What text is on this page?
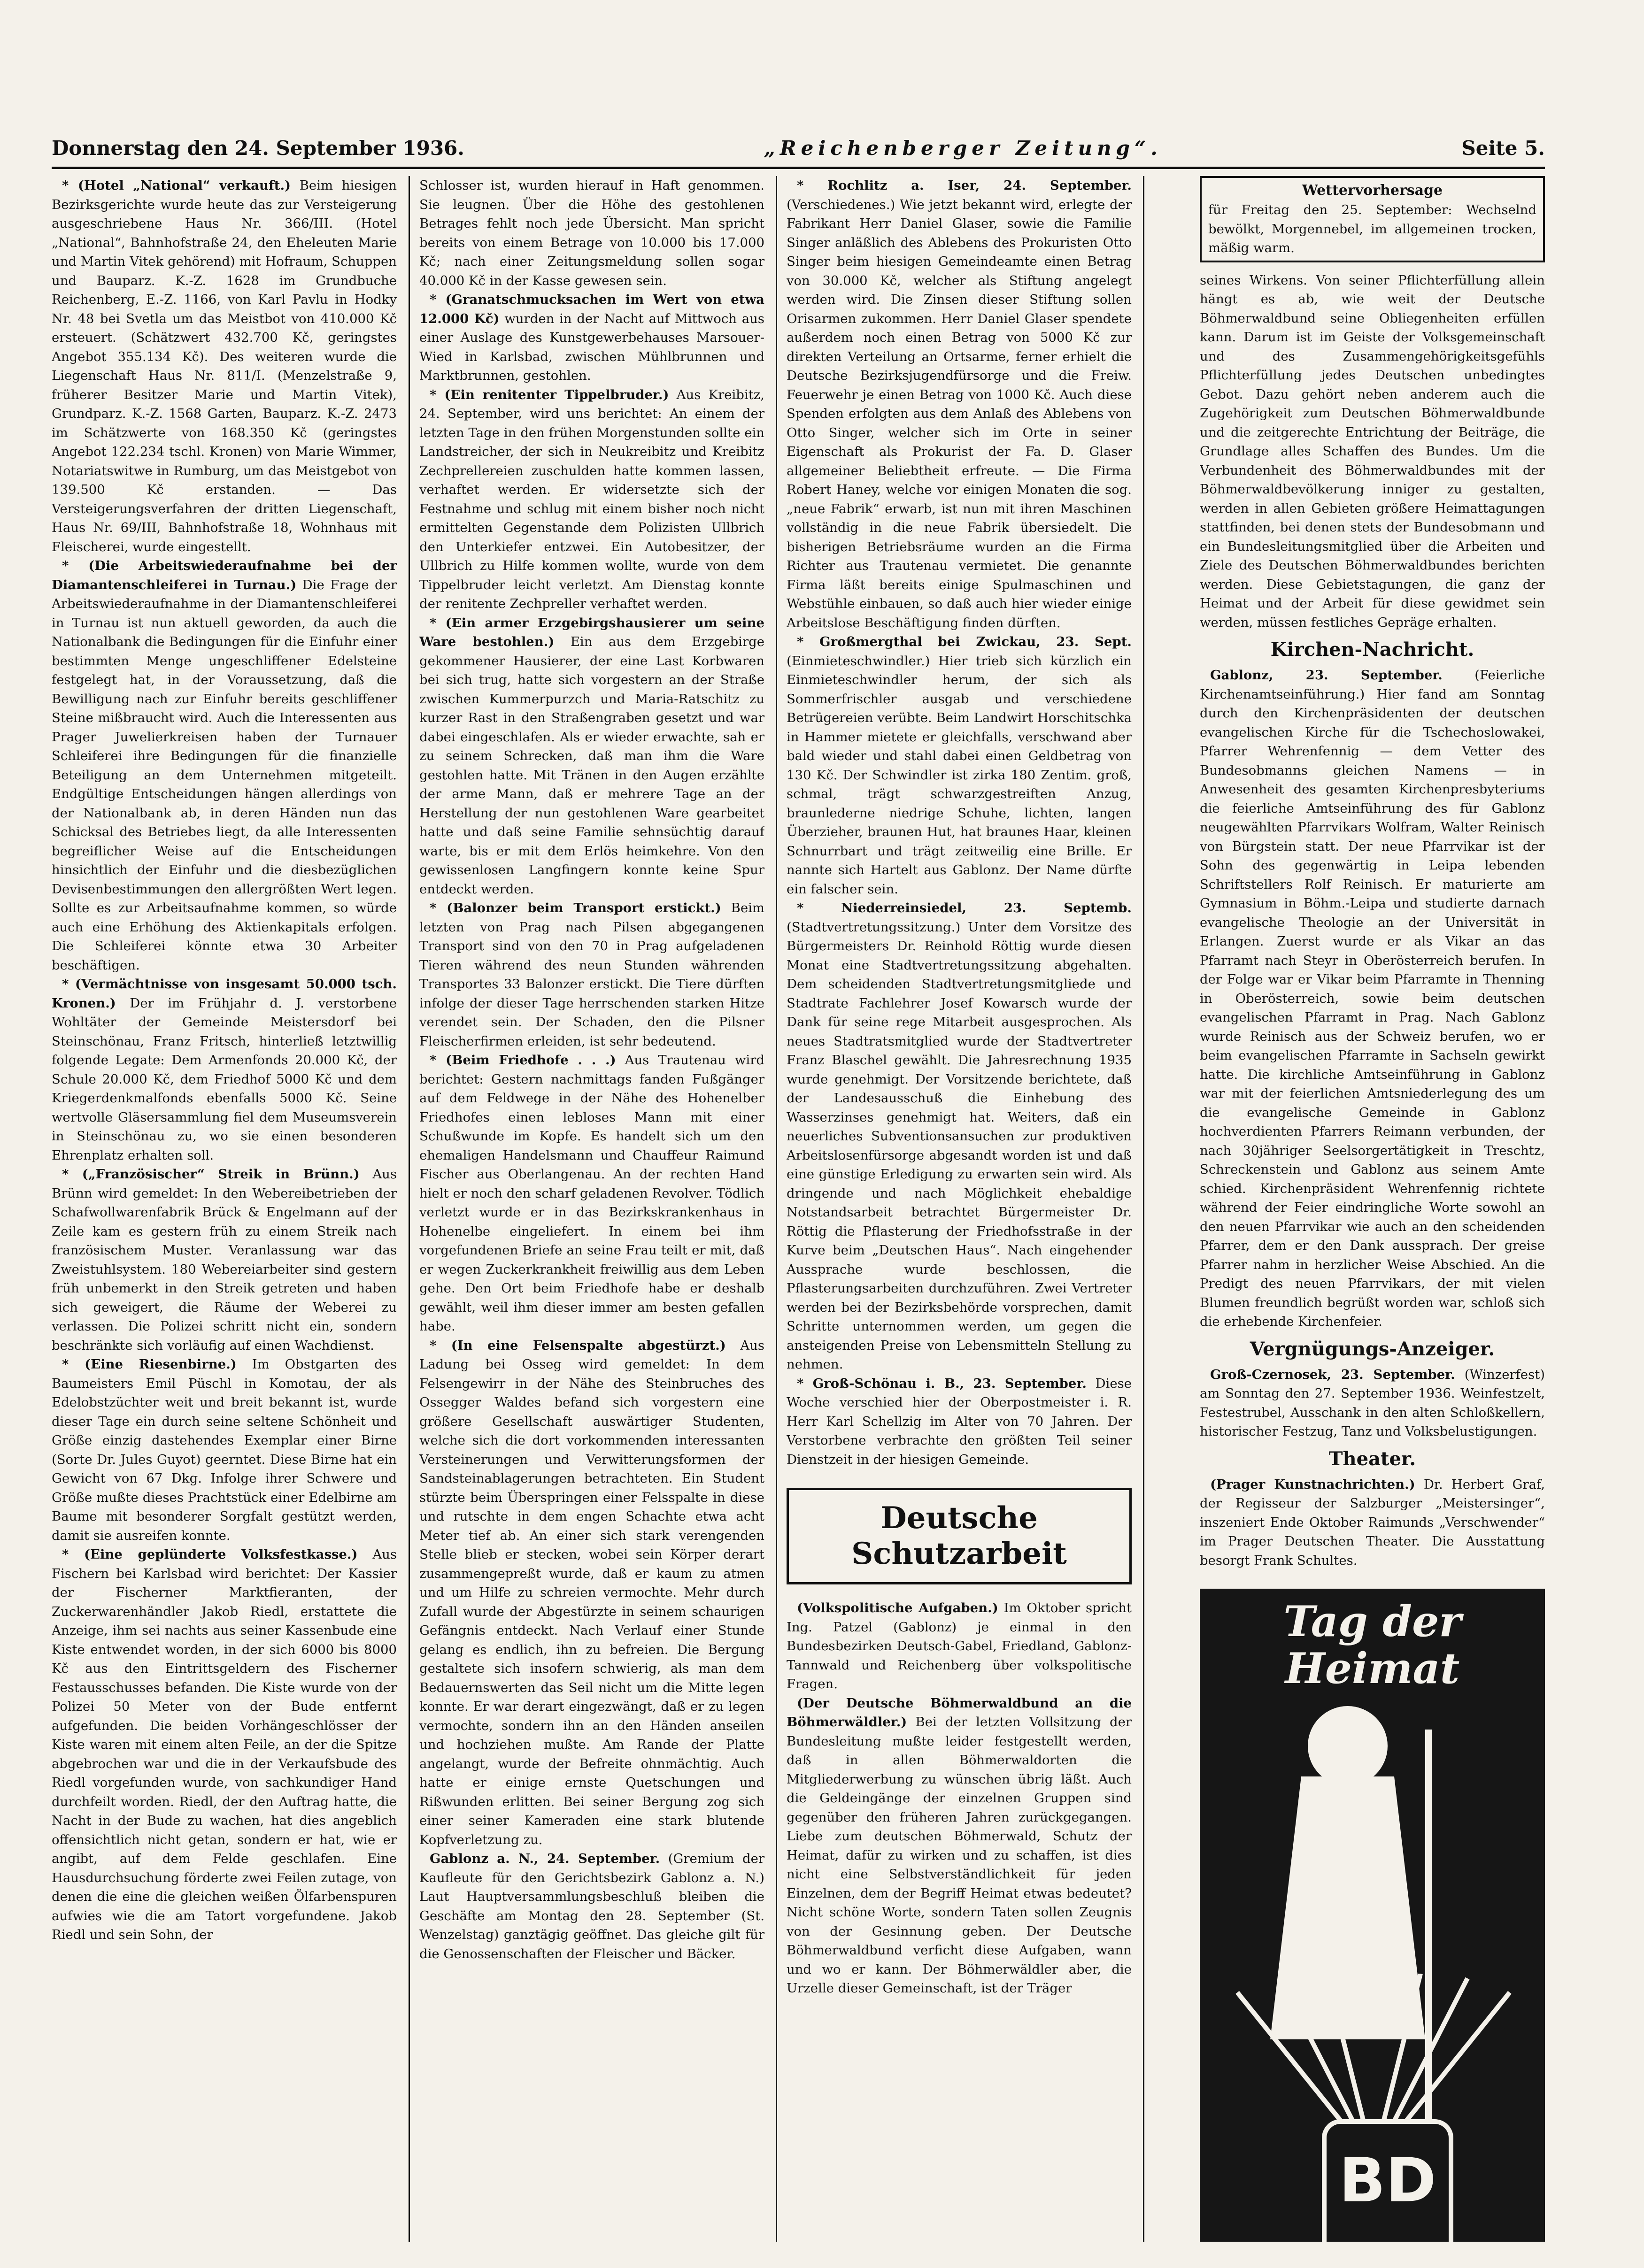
Donnerstag den 24. September 1936.	„Reichenberger Zeitung“.	Seite 5.

* (Hotel „National“ verkauft.) Beim hiesigen Bezirksgerichte wurde heute das zur Versteigerung ausgeschriebene Haus Nr. 366/III. (Hotel „National“, Bahnhofstraße 24, den Eheleuten Marie und Martin Vitek gehörend) mit Hofraum, Schuppen und Bauparz. K.-Z. 1628 im Grundbuche Reichenberg, E.-Z. 1166, von Karl Pavlu in Hodky Nr. 48 bei Svetla um das Meistbot von 410.000 Kč ersteuert. (Schätzwert 432.700 Kč, geringstes Angebot 355.134 Kč). Des weiteren wurde die Liegenschaft Haus Nr. 811/I. (Menzelstraße 9, früherer Besitzer Marie und Martin Vitek), Grundparz. K.-Z. 1568 Garten, Bauparz. K.-Z. 2473 im Schätzwerte von 168.350 Kč (geringstes Angebot 122.234 tschl. Kronen) von Marie Wimmer, Notariatswitwe in Rumburg, um das Meistgebot von 139.500 Kč erstanden. — Das Versteigerungsverfahren der dritten Liegenschaft, Haus Nr. 69/III, Bahnhofstraße 18, Wohnhaus mit Fleischerei, wurde eingestellt.

* (Die Arbeitswiederaufnahme bei der Diamantenschleiferei in Turnau.) Die Frage der Arbeitswiederaufnahme in der Diamantenschleiferei in Turnau ist nun aktuell geworden, da auch die Nationalbank die Bedingungen für die Einfuhr einer bestimmten Menge ungeschliffener Edelsteine festgelegt hat, in der Voraussetzung, daß die Bewilligung nach zur Einfuhr bereits geschliffener Steine mißbraucht wird. Auch die Interessenten aus Prager Juwelierkreisen haben der Turnauer Schleiferei ihre Bedingungen für die finanzielle Beteiligung an dem Unternehmen mitgeteilt. Endgültige Entscheidungen hängen allerdings von der Nationalbank ab, in deren Händen nun das Schicksal des Betriebes liegt, da alle Interessenten begreiflicher Weise auf die Entscheidungen hinsichtlich der Einfuhr und die diesbezüglichen Devisenbestimmungen den allergrößten Wert legen. Sollte es zur Arbeitsaufnahme kommen, so würde auch eine Erhöhung des Aktienkapitals erfolgen. Die Schleiferei könnte etwa 30 Arbeiter beschäftigen.

* (Vermächtnisse von insgesamt 50.000 tsch. Kronen.) Der im Frühjahr d. J. verstorbene Wohltäter der Gemeinde Meistersdorf bei Steinschönau, Franz Fritsch, hinterließ letztwillig folgende Legate: Dem Armenfonds 20.000 Kč, der Schule 20.000 Kč, dem Friedhof 5000 Kč und dem Kriegerdenkmalfonds ebenfalls 5000 Kč. Seine wertvolle Gläsersammlung fiel dem Museumsverein in Steinschönau zu, wo sie einen besonderen Ehrenplatz erhalten soll.

* („Französischer“ Streik in Brünn.) Aus Brünn wird gemeldet: In den Webereibetrieben der Schafwollwarenfabrik Brück & Engelmann auf der Zeile kam es gestern früh zu einem Streik nach französischem Muster. Veranlassung war das Zweistuhlsystem. 180 Webereiarbeiter sind gestern früh unbemerkt in den Streik getreten und haben sich geweigert, die Räume der Weberei zu verlassen. Die Polizei schritt nicht ein, sondern beschränkte sich vorläufig auf einen Wachdienst.

* (Eine Riesenbirne.) Im Obstgarten des Baumeisters Emil Püschl in Komotau, der als Edelobstzüchter weit und breit bekannt ist, wurde dieser Tage ein durch seine seltene Schönheit und Größe einzig dastehendes Exemplar einer Birne (Sorte Dr. Jules Guyot) geerntet. Diese Birne hat ein Gewicht von 67 Dkg. Infolge ihrer Schwere und Größe mußte dieses Prachtstück einer Edelbirne am Baume mit besonderer Sorgfalt gestützt werden, damit sie ausreifen konnte.

* (Eine geplünderte Volksfestkasse.) Aus Fischern bei Karlsbad wird berichtet: Der Kassier der Fischerner Marktfieranten, der Zuckerwarenhändler Jakob Riedl, erstattete die Anzeige, ihm sei nachts aus seiner Kassenbude eine Kiste entwendet worden, in der sich 6000 bis 8000 Kč aus den Eintrittsgeldern des Fischerner Festausschusses befanden. Die Kiste wurde von der Polizei 50 Meter von der Bude entfernt aufgefunden. Die beiden Vorhängeschlösser der Kiste waren mit einem alten Feile, an der die Spitze abgebrochen war und die in der Verkaufsbude des Riedl vorgefunden wurde, von sachkundiger Hand durchfeilt worden. Riedl, der den Auftrag hatte, die Nacht in der Bude zu wachen, hat dies angeblich offensichtlich nicht getan, sondern er hat, wie er angibt, auf dem Felde geschlafen. Eine Hausdurchsuchung förderte zwei Feilen zutage, von denen die eine die gleichen weißen Ölfarbenspuren aufwies wie die am Tatort vorgefundene. Jakob Riedl und sein Sohn, der

Schlosser ist, wurden hierauf in Haft genommen. Sie leugnen. Über die Höhe des gestohlenen Betrages fehlt noch jede Übersicht. Man spricht bereits von einem Betrage von 10.000 bis 17.000 Kč; nach einer Zeitungsmeldung sollen sogar 40.000 Kč in der Kasse gewesen sein.

* (Granatschmucksachen im Wert von etwa 12.000 Kč) wurden in der Nacht auf Mittwoch aus einer Auslage des Kunstgewerbehauses Marsouer-Wied in Karlsbad, zwischen Mühlbrunnen und Marktbrunnen, gestohlen.

* (Ein renitenter Tippelbruder.) Aus Kreibitz, 24. September, wird uns berichtet: An einem der letzten Tage in den frühen Morgenstunden sollte ein Landstreicher, der sich in Neukreibitz und Kreibitz Zechprellereien zuschulden hatte kommen lassen, verhaftet werden. Er widersetzte sich der Festnahme und schlug mit einem bisher noch nicht ermittelten Gegenstande dem Polizisten Ullbrich den Unterkiefer entzwei. Ein Autobesitzer, der Ullbrich zu Hilfe kommen wollte, wurde von dem Tippelbruder leicht verletzt. Am Dienstag konnte der renitente Zechpreller verhaftet werden.

* (Ein armer Erzgebirgshausierer um seine Ware bestohlen.) Ein aus dem Erzgebirge gekommener Hausierer, der eine Last Korbwaren bei sich trug, hatte sich vorgestern an der Straße zwischen Kummerpurzch und Maria-Ratschitz zu kurzer Rast in den Straßengraben gesetzt und war dabei eingeschlafen. Als er wieder erwachte, sah er zu seinem Schrecken, daß man ihm die Ware gestohlen hatte. Mit Tränen in den Augen erzählte der arme Mann, daß er mehrere Tage an der Herstellung der nun gestohlenen Ware gearbeitet hatte und daß seine Familie sehnsüchtig darauf warte, bis er mit dem Erlös heimkehre. Von den gewissenlosen Langfingern konnte keine Spur entdeckt werden.

* (Balonzer beim Transport erstickt.) Beim letzten von Prag nach Pilsen abgegangenen Transport sind von den 70 in Prag aufgeladenen Tieren während des neun Stunden währenden Transportes 33 Balonzer erstickt. Die Tiere dürften infolge der dieser Tage herrschenden starken Hitze verendet sein. Der Schaden, den die Pilsner Fleischerfirmen erleiden, ist sehr bedeutend.

* (Beim Friedhofe . . .) Aus Trautenau wird berichtet: Gestern nachmittags fanden Fußgänger auf dem Feldwege in der Nähe des Hohenelber Friedhofes einen lebloses Mann mit einer Schußwunde im Kopfe. Es handelt sich um den ehemaligen Handelsmann und Chauffeur Raimund Fischer aus Oberlangenau. An der rechten Hand hielt er noch den scharf geladenen Revolver. Tödlich verletzt wurde er in das Bezirkskrankenhaus in Hohenelbe eingeliefert. In einem bei ihm vorgefundenen Briefe an seine Frau teilt er mit, daß er wegen Zuckerkrankheit freiwillig aus dem Leben gehe. Den Ort beim Friedhofe habe er deshalb gewählt, weil ihm dieser immer am besten gefallen habe.

* (In eine Felsenspalte abgestürzt.) Aus Ladung bei Osseg wird gemeldet: In dem Felsengewirr in der Nähe des Steinbruches des Ossegger Waldes befand sich vorgestern eine größere Gesellschaft auswärtiger Studenten, welche sich die dort vorkommenden interessanten Versteinerungen und Verwitterungsformen der Sandsteinablagerungen betrachteten. Ein Student stürzte beim Überspringen einer Felsspalte in diese und rutschte in dem engen Schachte etwa acht Meter tief ab. An einer sich stark verengenden Stelle blieb er stecken, wobei sein Körper derart zusammengepreßt wurde, daß er kaum zu atmen und um Hilfe zu schreien vermochte. Mehr durch Zufall wurde der Abgestürzte in seinem schaurigen Gefängnis entdeckt. Nach Verlauf einer Stunde gelang es endlich, ihn zu befreien. Die Bergung gestaltete sich insofern schwierig, als man dem Bedauernswerten das Seil nicht um die Mitte legen konnte. Er war derart eingezwängt, daß er zu legen vermochte, sondern ihn an den Händen anseilen und hochziehen mußte. Am Rande der Platte angelangt, wurde der Befreite ohnmächtig. Auch hatte er einige ernste Quetschungen und Rißwunden erlitten. Bei seiner Bergung zog sich einer seiner Kameraden eine stark blutende Kopfverletzung zu.

Gablonz a. N., 24. September. (Gremium der Kaufleute für den Gerichtsbezirk Gablonz a. N.) Laut Hauptversammlungsbeschluß bleiben die Geschäfte am Montag den 28. September (St. Wenzelstag) ganztägig geöffnet. Das gleiche gilt für die Genossenschaften der Fleischer und Bäcker.

* Rochlitz a. Iser, 24. September. (Verschiedenes.) Wie jetzt bekannt wird, erlegte der Fabrikant Herr Daniel Glaser, sowie die Familie Singer anläßlich des Ablebens des Prokuristen Otto Singer beim hiesigen Gemeindeamte einen Betrag von 30.000 Kč, welcher als Stiftung angelegt werden wird. Die Zinsen dieser Stiftung sollen Orisarmen zukommen. Herr Daniel Glaser spendete außerdem noch einen Betrag von 5000 Kč zur direkten Verteilung an Ortsarme, ferner erhielt die Deutsche Bezirksjugendfürsorge und die Freiw. Feuerwehr je einen Betrag von 1000 Kč. Auch diese Spenden erfolgten aus dem Anlaß des Ablebens von Otto Singer, welcher sich im Orte in seiner Eigenschaft als Prokurist der Fa. D. Glaser allgemeiner Beliebtheit erfreute. — Die Firma Robert Haney, welche vor einigen Monaten die sog. „neue Fabrik“ erwarb, ist nun mit ihren Maschinen vollständig in die neue Fabrik übersiedelt. Die bisherigen Betriebsräume wurden an die Firma Richter aus Trautenau vermietet. Die genannte Firma läßt bereits einige Spulmaschinen und Webstühle einbauen, so daß auch hier wieder einige Arbeitslose Beschäftigung finden dürften.

* Großmergthal bei Zwickau, 23. Sept. (Einmieteschwindler.) Hier trieb sich kürzlich ein Einmieteschwindler herum, der sich als Sommerfrischler ausgab und verschiedene Betrügereien verübte. Beim Landwirt Horschitschka in Hammer mietete er gleichfalls, verschwand aber bald wieder und stahl dabei einen Geldbetrag von 130 Kč. Der Schwindler ist zirka 180 Zentim. groß, schmal, trägt schwarzgestreiften Anzug, braunlederne niedrige Schuhe, lichten, langen Überzieher, braunen Hut, hat braunes Haar, kleinen Schnurrbart und trägt zeitweilig eine Brille. Er nannte sich Hartelt aus Gablonz. Der Name dürfte ein falscher sein.

* Niederreinsiedel, 23. Septemb. (Stadtvertretungssitzung.) Unter dem Vorsitze des Bürgermeisters Dr. Reinhold Röttig wurde diesen Monat eine Stadtvertretungssitzung abgehalten. Dem scheidenden Stadtvertretungsmitgliede und Stadtrate Fachlehrer Josef Kowarsch wurde der Dank für seine rege Mitarbeit ausgesprochen. Als neues Stadtratsmitglied wurde der Stadtvertreter Franz Blaschel gewählt. Die Jahresrechnung 1935 wurde genehmigt. Der Vorsitzende berichtete, daß der Landesausschuß die Einhebung des Wasserzinses genehmigt hat. Weiters, daß ein neuerliches Subventionsansuchen zur produktiven Arbeitslosenfürsorge abgesandt worden ist und daß eine günstige Erledigung zu erwarten sein wird. Als dringende und nach Möglichkeit ehebaldige Notstandsarbeit betrachtet Bürgermeister Dr. Röttig die Pflasterung der Friedhofsstraße in der Kurve beim „Deutschen Haus“. Nach eingehender Aussprache wurde beschlossen, die Pflasterungsarbeiten durchzuführen. Zwei Vertreter werden bei der Bezirksbehörde vorsprechen, damit Schritte unternommen werden, um gegen die ansteigenden Preise von Lebensmitteln Stellung zu nehmen.

* Groß-Schönau i. B., 23. September. Diese Woche verschied hier der Oberpostmeister i. R. Herr Karl Schellzig im Alter von 70 Jahren. Der Verstorbene verbrachte den größten Teil seiner Dienstzeit in der hiesigen Gemeinde.

Deutsche Schutzarbeit

(Volkspolitische Aufgaben.) Im Oktober spricht Ing. Patzel (Gablonz) je einmal in den Bundesbezirken Deutsch-Gabel, Friedland, Gablonz-Tannwald und Reichenberg über volkspolitische Fragen.

(Der Deutsche Böhmerwaldbund an die Böhmerwäldler.) Bei der letzten Vollsitzung der Bundesleitung mußte leider festgestellt werden, daß in allen Böhmerwaldorten die Mitgliederwerbung zu wünschen übrig läßt. Auch die Geldeingänge der einzelnen Gruppen sind gegenüber den früheren Jahren zurückgegangen. Liebe zum deutschen Böhmerwald, Schutz der Heimat, dafür zu wirken und zu schaffen, ist dies nicht eine Selbstverständlichkeit für jeden Einzelnen, dem der Begriff Heimat etwas bedeutet? Nicht schöne Worte, sondern Taten sollen Zeugnis von der Gesinnung geben. Der Deutsche Böhmerwaldbund verficht diese Aufgaben, wann und wo er kann. Der Böhmerwäldler aber, die Urzelle dieser Gemeinschaft, ist der Träger

Wettervorhersage
für Freitag den 25. September: Wechselnd bewölkt, Morgennebel, im allgemeinen trocken, mäßig warm.

seines Wirkens. Von seiner Pflichterfüllung allein hängt es ab, wie weit der Deutsche Böhmerwaldbund seine Obliegenheiten erfüllen kann. Darum ist im Geiste der Volksgemeinschaft und des Zusammengehörigkeitsgefühls Pflichterfüllung jedes Deutschen unbedingtes Gebot. Dazu gehört neben anderem auch die Zugehörigkeit zum Deutschen Böhmerwaldbunde und die zeitgerechte Entrichtung der Beiträge, die Grundlage alles Schaffen des Bundes. Um die Verbundenheit des Böhmerwaldbundes mit der Böhmerwaldbevölkerung inniger zu gestalten, werden in allen Gebieten größere Heimattagungen stattfinden, bei denen stets der Bundesobmann und ein Bundesleitungsmitglied über die Arbeiten und Ziele des Deutschen Böhmerwaldbundes berichten werden. Diese Gebietstagungen, die ganz der Heimat und der Arbeit für diese gewidmet sein werden, müssen festliches Gepräge erhalten.

Kirchen-Nachricht.

Gablonz, 23. September. (Feierliche Kirchenamtseinführung.) Hier fand am Sonntag durch den Kirchenpräsidenten der deutschen evangelischen Kirche für die Tschechoslowakei, Pfarrer Wehrenfennig — dem Vetter des Bundesobmanns gleichen Namens — in Anwesenheit des gesamten Kirchenpresbyteriums die feierliche Amtseinführung des für Gablonz neugewählten Pfarrvikars Wolfram, Walter Reinisch von Bürgstein statt. Der neue Pfarrvikar ist der Sohn des gegenwärtig in Leipa lebenden Schriftstellers Rolf Reinisch. Er maturierte am Gymnasium in Böhm.-Leipa und studierte darnach evangelische Theologie an der Universität in Erlangen. Zuerst wurde er als Vikar an das Pfarramt nach Steyr in Oberösterreich berufen. In der Folge war er Vikar beim Pfarramte in Thenning in Oberösterreich, sowie beim deutschen evangelischen Pfarramt in Prag. Nach Gablonz wurde Reinisch aus der Schweiz berufen, wo er beim evangelischen Pfarramte in Sachseln gewirkt hatte. Die kirchliche Amtseinführung in Gablonz war mit der feierlichen Amtsniederlegung des um die evangelische Gemeinde in Gablonz hochverdienten Pfarrers Reimann verbunden, der nach 30jähriger Seelsorgertätigkeit in Treschtz, Schreckenstein und Gablonz aus seinem Amte schied. Kirchenpräsident Wehrenfennig richtete während der Feier eindringliche Worte sowohl an den neuen Pfarrvikar wie auch an den scheidenden Pfarrer, dem er den Dank aussprach. Der greise Pfarrer nahm in herzlicher Weise Abschied. An die Predigt des neuen Pfarrvikars, der mit vielen Blumen freundlich begrüßt worden war, schloß sich die erhebende Kirchenfeier.

Vergnügungs-Anzeiger.

Groß-Czernosek, 23. September. (Winzerfest) am Sonntag den 27. September 1936. Weinfestzelt, Festestrubel, Ausschank in den alten Schloßkellern, historischer Festzug, Tanz und Volksbelustigungen.

Theater.

(Prager Kunstnachrichten.) Dr. Herbert Graf, der Regisseur der Salzburger „Meistersinger“, inszeniert Ende Oktober Raimunds „Verschwender“ im Prager Deutschen Theater. Die Ausstattung besorgt Frank Schultes.

Tag der Heimat
BD
